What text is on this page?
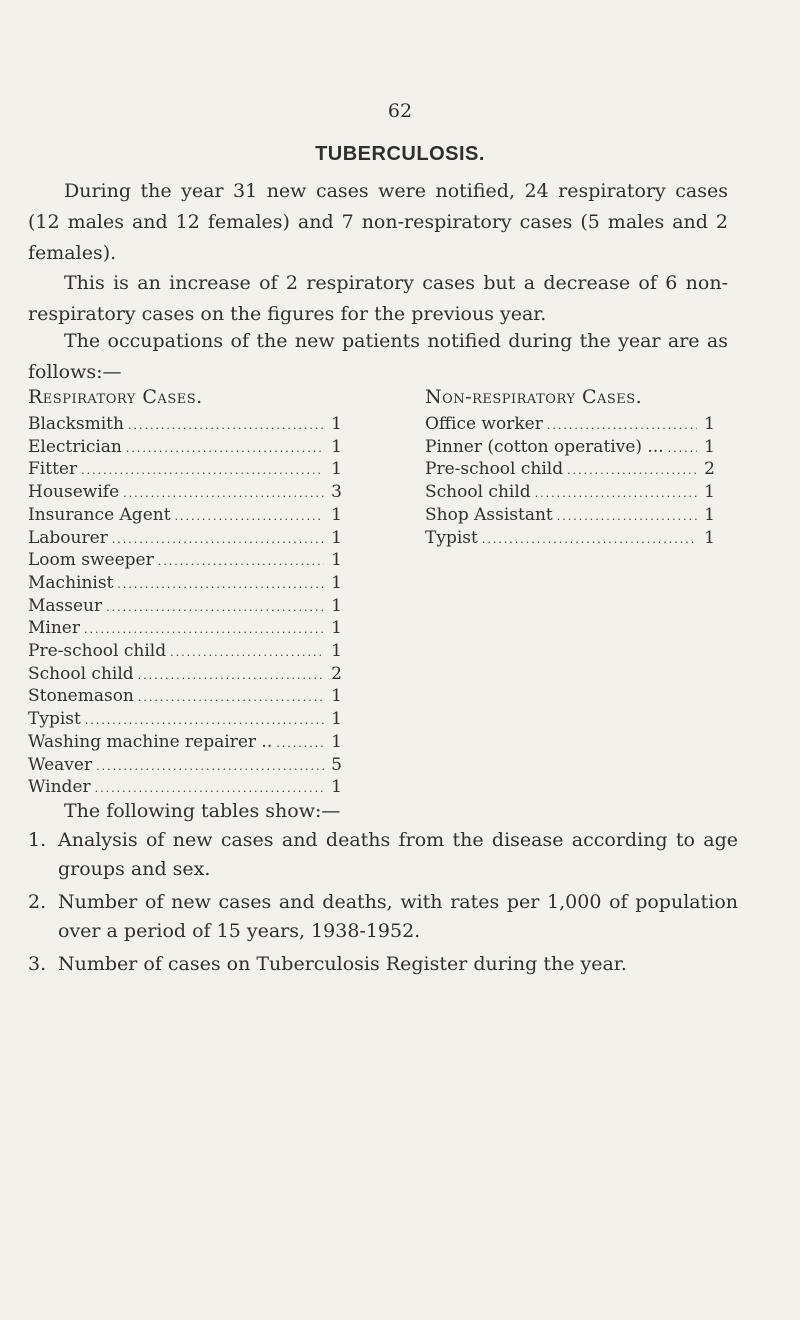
62
TUBERCULOSIS.

During the year 31 new cases were notified, 24 respiratory cases (12 males and 12 females) and 7 non-respiratory cases (5 males and 2 females).

This is an increase of 2 respiratory cases but a decrease of 6 non-respiratory cases on the figures for the previous year.

The occupations of the new patients notified during the year are as follows:—

Respiratory Cases.
Blacksmith .....	1
Electrician .....	1
Fitter .....	1
Housewife .....	3
Insurance Agent .....	1
Labourer .....	1
Loom sweeper .....	1
Machinist .....	1
Masseur .....	1
Miner .....	1
Pre-school child .....	1
School child .....	2
Stonemason .....	1
Typist .....	1
Washing machine repairer .. .....	1
Weaver .....	5
Winder .....	1
Non-respiratory Cases.
Office worker .....	1
Pinner (cotton operative) ... ..... 1
Pre-school child .....	2
School child .....	1
Shop Assistant .....	1
Typist .....	1
The following tables show:—
1. Analysis of new cases and deaths from the disease according to age groups and sex.
2. Number of new cases and deaths, with rates per 1,000 of population over a period of 15 years, 1938-1952.
3. Number of cases on Tuberculosis Register during the year.
